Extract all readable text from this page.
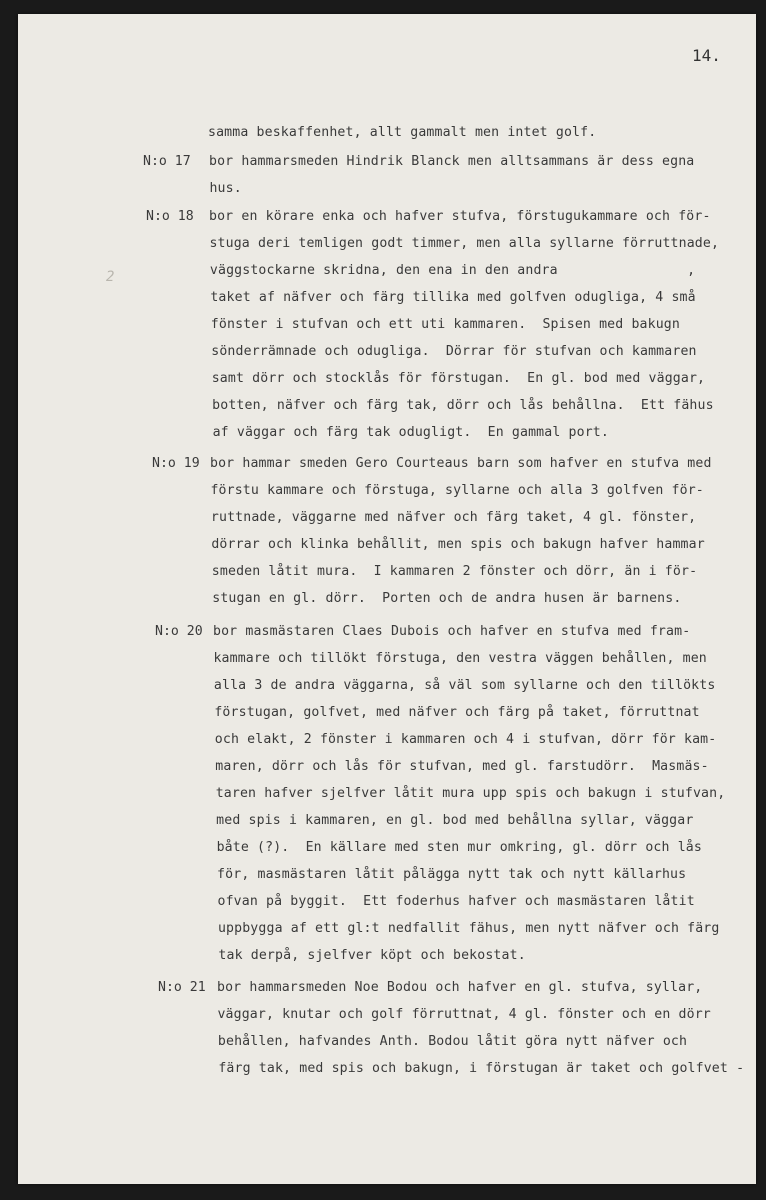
14.
2
samma beskaffenhet, allt gammalt men intet golf.
N:o 17 bor hammarsmeden Hindrik Blanck men alltsammans är dess egna
hus.
N:o 18 bor en körare enka och hafver stufva, förstugukammare och för-
stuga deri temligen godt timmer, men alla syllarne förruttnade,
väggstockarne skridna, den ena in den andra                ,
taket af näfver och färg tillika med golfven odugliga, 4 små
fönster i stufvan och ett uti kammaren.  Spisen med bakugn
sönderrämnade och odugliga.  Dörrar för stufvan och kammaren
samt dörr och stocklås för förstugan.  En gl. bod med väggar,
botten, näfver och färg tak, dörr och lås behållna.  Ett fähus
af väggar och färg tak odugligt.  En gammal port.
N:o 19 bor hammar smeden Gero Courteaus barn som hafver en stufva med
förstu kammare och förstuga, syllarne och alla 3 golfven för-
ruttnade, väggarne med näfver och färg taket, 4 gl. fönster,
dörrar och klinka behållit, men spis och bakugn hafver hammar
smeden låtit mura.  I kammaren 2 fönster och dörr, än i för-
stugan en gl. dörr.  Porten och de andra husen är barnens.
N:o 20 bor masmästaren Claes Dubois och hafver en stufva med fram-
kammare och tillökt förstuga, den vestra väggen behållen, men
alla 3 de andra väggarna, så väl som syllarne och den tillökts
förstugan, golfvet, med näfver och färg på taket, förruttnat
och elakt, 2 fönster i kammaren och 4 i stufvan, dörr för kam-
maren, dörr och lås för stufvan, med gl. farstudörr.  Masmäs-
taren hafver sjelfver låtit mura upp spis och bakugn i stufvan,
med spis i kammaren, en gl. bod med behållna syllar, väggar
båte (?).  En källare med sten mur omkring, gl. dörr och lås
för, masmästaren låtit pålägga nytt tak och nytt källarhus
ofvan på byggit.  Ett foderhus hafver och masmästaren låtit
uppbygga af ett gl:t nedfallit fähus, men nytt näfver och färg
tak derpå, sjelfver köpt och bekostat.
N:o 21 bor hammarsmeden Noe Bodou och hafver en gl. stufva, syllar,
väggar, knutar och golf förruttnat, 4 gl. fönster och en dörr
behållen, hafvandes Anth. Bodou låtit göra nytt näfver och
färg tak, med spis och bakugn, i förstugan är taket och golfvet -
